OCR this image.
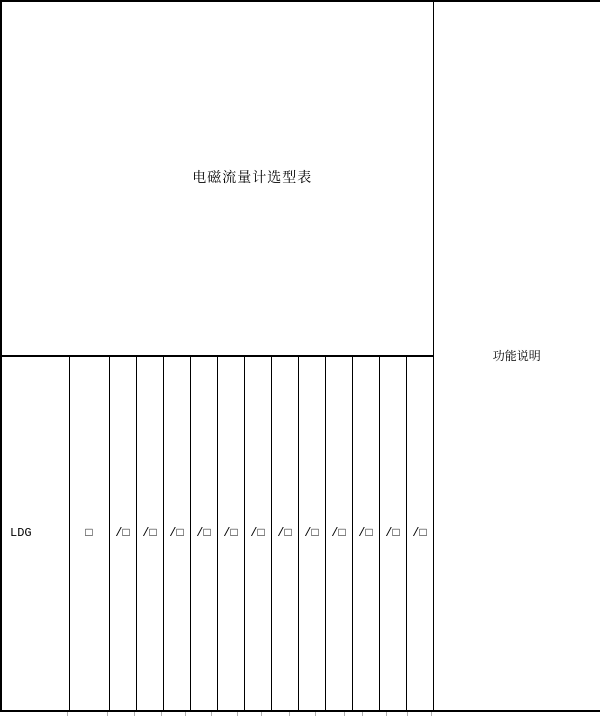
电磁流量计选型表			功能说明
LDG	□	/□	/□	/□	/□	/□	/□	/□	/□	/□	/□	/□	/□
